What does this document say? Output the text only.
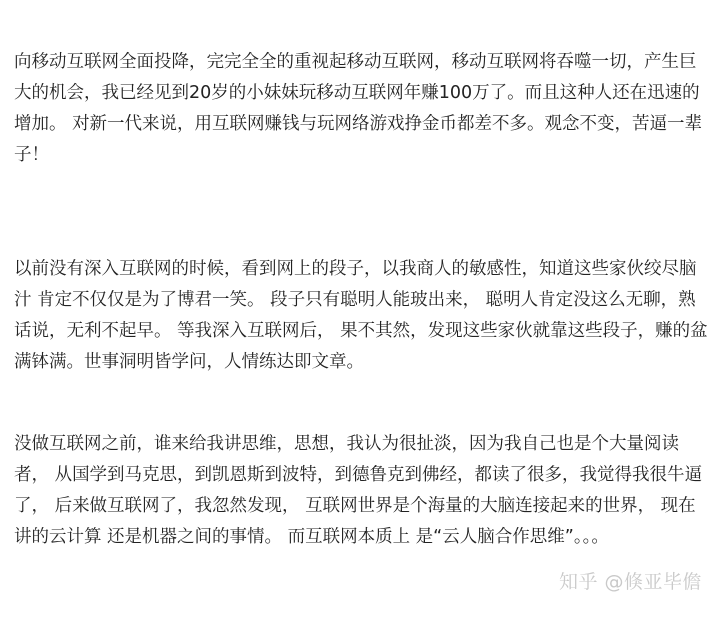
向移动互联网全面投降，完完全全的重视起移动互联网，移动互联网将吞噬一切，产生巨大的机会，我已经见到20岁的小妹妹玩移动互联网年赚100万了。而且这种人还在迅速的增加。 对新一代来说，用互联网赚钱与玩网络游戏挣金币都差不多。观念不变，苦逼一辈子！

以前没有深入互联网的时候，看到网上的段子，以我商人的敏感性，知道这些家伙绞尽脑汁 肯定不仅仅是为了博君一笑。 段子只有聪明人能玻出来， 聪明人肯定没这么无聊，熟话说，无利不起早。 等我深入互联网后， 果不其然，发现这些家伙就靠这些段子，赚的盆满钵满。世事洞明皆学问，人情练达即文章。

没做互联网之前，谁来给我讲思维，思想，我认为很扯淡，因为我自己也是个大量阅读者， 从国学到马克思，到凯恩斯到波特，到德鲁克到佛经，都读了很多，我觉得我很牛逼了， 后来做互联网了，我忽然发现， 互联网世界是个海量的大脑连接起来的世界， 现在讲的云计算 还是机器之间的事情。 而互联网本质上 是“云人脑合作思维”。。。

知乎 @倏亚毕儋
